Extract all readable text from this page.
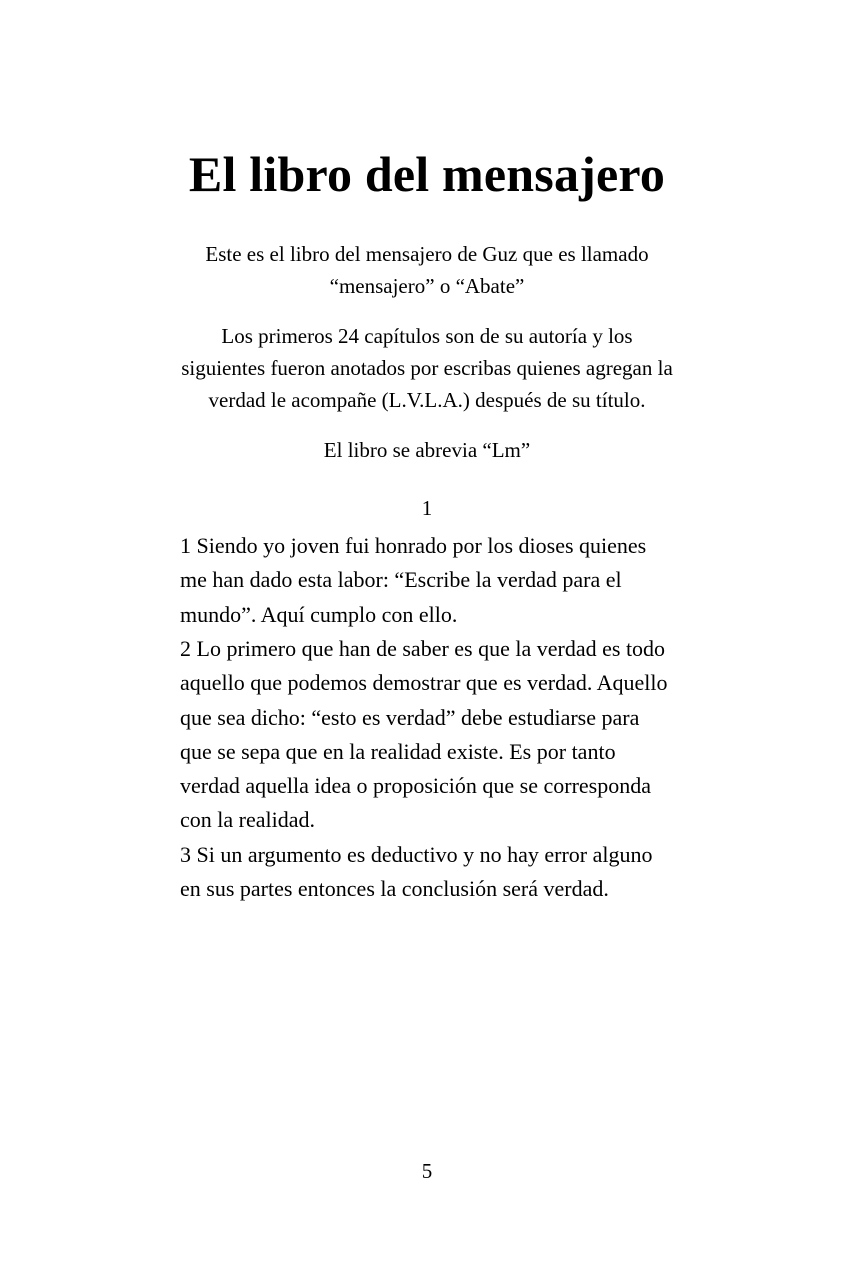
El libro del mensajero

Este es el libro del mensajero de Guz que es llamado “mensajero” o “Abate”

Los primeros 24 capítulos son de su autoría y los siguientes fueron anotados por escribas quienes agregan la verdad le acompañe (L.V.L.A.) después de su título.

El libro se abrevia “Lm”

1

1 Siendo yo joven fui honrado por los dioses quienes me han dado esta labor: “Escribe la verdad para el mundo”. Aquí cumplo con ello.

2 Lo primero que han de saber es que la verdad es todo aquello que podemos demostrar que es verdad. Aquello que sea dicho: “esto es verdad” debe estudiarse para que se sepa que en la realidad existe. Es por tanto verdad aquella idea o proposición que se corresponda con la realidad.

3 Si un argumento es deductivo y no hay error alguno en sus partes entonces la conclusión será verdad.

5
